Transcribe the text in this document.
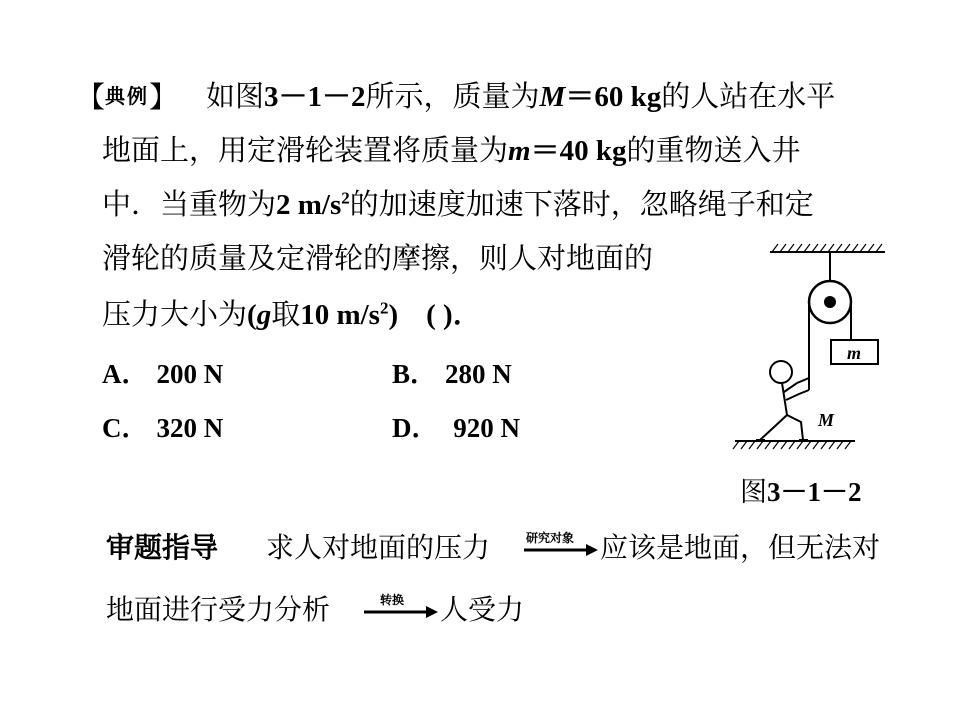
【典例】 如图3－1－2所示，质量为M＝60 kg的人站在水平
地面上，用定滑轮装置将质量为m＝40 kg的重物送入井
中．当重物为2 $m/s^2$的加速度加速下落时，忽略绳子和定
滑轮的质量及定滑轮的摩擦，则人对地面的
压力大小为(g取10 $m/s^2$) ( )．
A． 200 N	B． 280 N
C． 320 N	D． 920 N
m
M
图3－1－2
审题指导 求人对地面的压力	研究对象 应该是地面，但无法对
地面进行受力分析	转换 人受力
